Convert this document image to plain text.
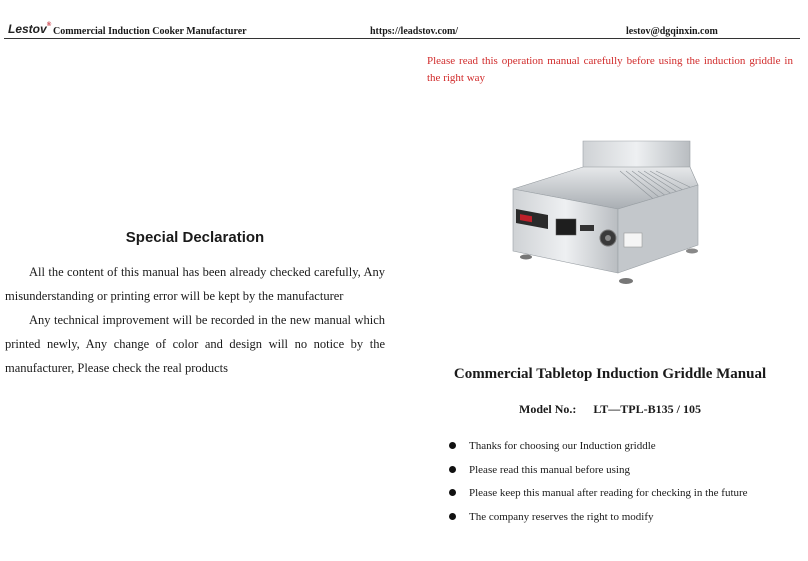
Lestov®
Commercial Induction Cooker Manufacturer	https://leadstov.com/	lestov@dgqinxin.com
Special Declaration

All the content of this manual has been already checked carefully, Any misunderstanding or printing error will be kept by the manufacturer

Any technical improvement will be recorded in the new manual which printed newly, Any change of color and design will no notice by the manufacturer, Please check the real products

Please read this operation manual carefully before using the induction griddle in the right way
Commercial Tabletop Induction Griddle Manual
Model No.: LT—TPL-B135 / 105
Thanks for choosing our Induction griddle
Please read this manual before using
Please keep this manual after reading for checking in the future
The company reserves the right to modify
